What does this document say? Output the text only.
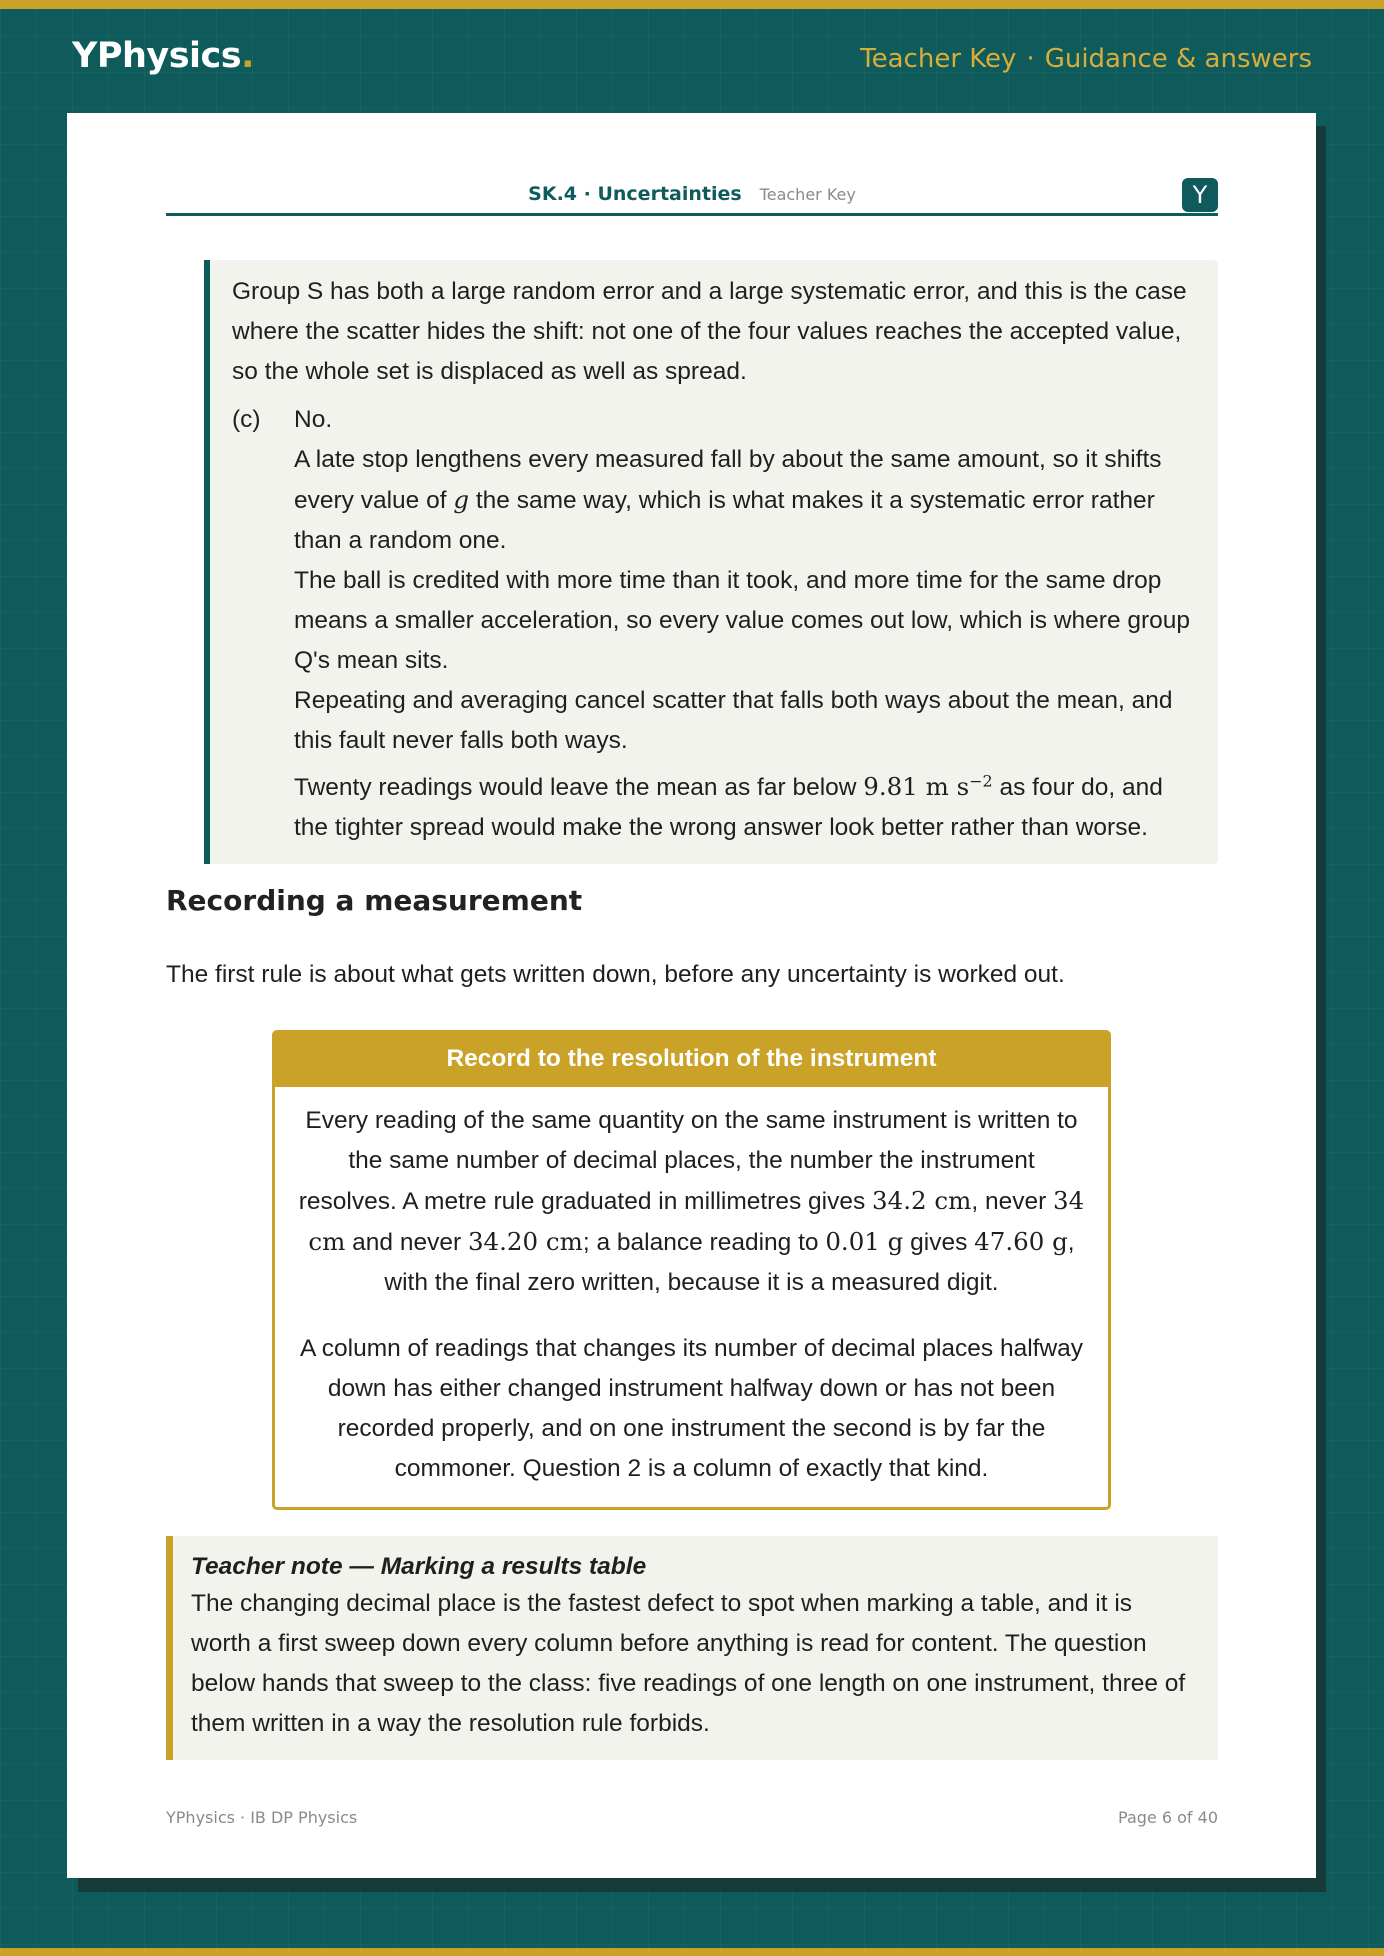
YPhysics.	Teacher Key · Guidance & answers
SK.4 · Uncertainties Teacher Key	Y

Group S has both a large random error and a large systematic error, and this is the case where the scatter hides the shift: not one of the four values reaches the accepted value, so the whole set is displaced as well as spread.

(c)	No.
A late stop lengthens every measured fall by about the same amount, so it shifts every value of g the same way, which is what makes it a systematic error rather than a random one.
The ball is credited with more time than it took, and more time for the same drop means a smaller acceleration, so every value comes out low, which is where group Q's mean sits.
Repeating and averaging cancel scatter that falls both ways about the mean, and this fault never falls both ways.
Twenty readings would leave the mean as far below 9.81 m $s^{-2}$ as four do, and the tighter spread would make the wrong answer look better rather than worse.
Recording a measurement

The first rule is about what gets written down, before any uncertainty is worked out.

Record to the resolution of the instrument

Every reading of the same quantity on the same instrument is written to the same number of decimal places, the number the instrument resolves. A metre rule graduated in millimetres gives 34.2 cm, never 34 cm and never 34.20 cm; a balance reading to 0.01 g gives 47.60 g, with the final zero written, because it is a measured digit.

A column of readings that changes its number of decimal places halfway down has either changed instrument halfway down or has not been recorded properly, and on one instrument the second is by far the commoner. Question 2 is a column of exactly that kind.

Teacher note — Marking a results table

The changing decimal place is the fastest defect to spot when marking a table, and it is worth a first sweep down every column before anything is read for content. The question below hands that sweep to the class: five readings of one length on one instrument, three of them written in a way the resolution rule forbids.

YPhysics · IB DP Physics	Page 6 of 40
